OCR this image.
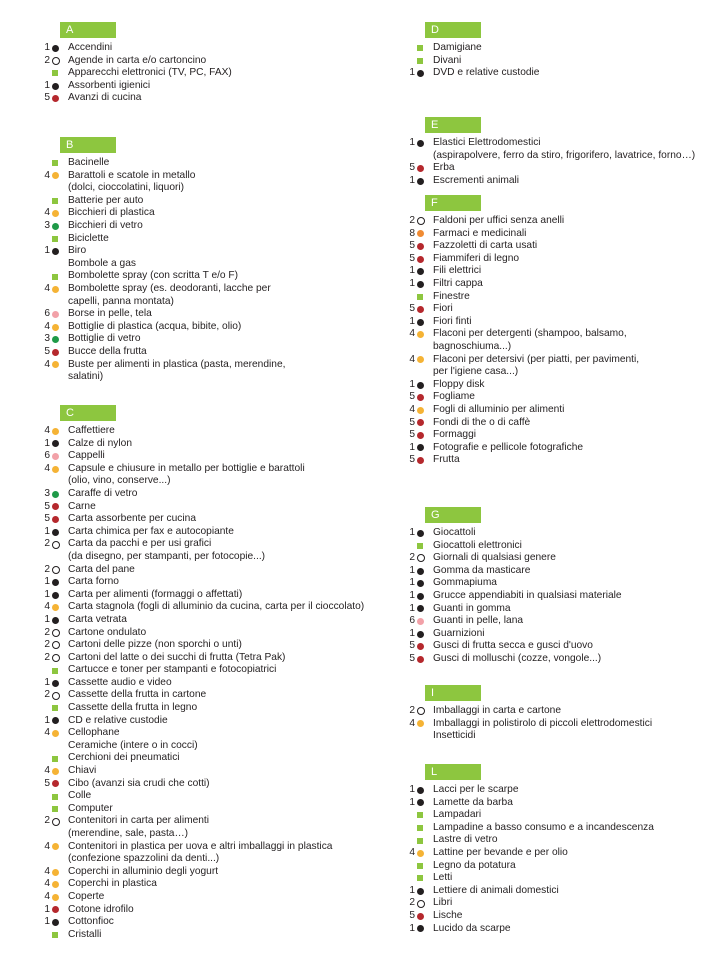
A
1	Accendini
2	Agende in carta e/o cartoncino
Apparecchi elettronici (TV, PC, FAX)
1	Assorbenti igienici
5	Avanzi di cucina
B
Bacinelle
4	Barattoli e scatole in metallo
(dolci, cioccolatini, liquori)
Batterie per auto
4	Bicchieri di plastica
3	Bicchieri di vetro
Biciclette
1	Biro
Bombole a gas
Bombolette spray (con scritta T e/o F)
4	Bombolette spray (es. deodoranti, lacche per
capelli, panna montata)
6	Borse in pelle, tela
4	Bottiglie di plastica (acqua, bibite, olio)
3	Bottiglie di vetro
5	Bucce della frutta
4	Buste per alimenti in plastica (pasta, merendine,
salatini)
C
4	Caffettiere
1	Calze di nylon
6	Cappelli
4	Capsule e chiusure in metallo per bottiglie e barattoli
(olio, vino, conserve...)
3	Caraffe di vetro
5	Carne
5	Carta assorbente per cucina
1	Carta chimica per fax e autocopiante
2	Carta da pacchi e per usi grafici
(da disegno, per stampanti, per fotocopie...)
2	Carta del pane
1	Carta forno
1	Carta per alimenti (formaggi o affettati)
4	Carta stagnola (fogli di alluminio da cucina, carta per il cioccolato)
1	Carta vetrata
2	Cartone ondulato
2	Cartoni delle pizze (non sporchi o unti)
2	Cartoni del latte o dei succhi di frutta (Tetra Pak)
Cartucce e toner per stampanti e fotocopiatrici
1	Cassette audio e video
2	Cassette della frutta in cartone
Cassette della frutta in legno
1	CD e relative custodie
4	Cellophane
Ceramiche (intere o in cocci)
Cerchioni dei pneumatici
4	Chiavi
5	Cibo (avanzi sia crudi che cotti)
Colle
Computer
2	Contenitori in carta per alimenti
(merendine, sale, pasta…)
4	Contenitori in plastica per uova e altri imballaggi in plastica
(confezione spazzolini da denti...)
4	Coperchi in alluminio degli yogurt
4	Coperchi in plastica
4	Coperte
1	Cotone idrofilo
1	Cottonfioc
Cristalli
D
Damigiane
Divani
1	DVD e relative custodie
E
1	Elastici Elettrodomestici
(aspirapolvere, ferro da stiro, frigorifero, lavatrice, forno…)
5	Erba
1	Escrementi animali
F
2	Faldoni per uffici senza anelli
8	Farmaci e medicinali
5	Fazzoletti di carta usati
5	Fiammiferi di legno
1	Fili elettrici
1	Filtri cappa
Finestre
5	Fiori
1	Fiori finti
4	Flaconi per detergenti (shampoo, balsamo,
bagnoschiuma...)
4	Flaconi per detersivi (per piatti, per pavimenti,
per l'igiene casa...)
1	Floppy disk
5	Fogliame
4	Fogli di alluminio per alimenti
5	Fondi di the o di caffè
5	Formaggi
1	Fotografie e pellicole fotografiche
5	Frutta
G
1	Giocattoli
Giocattoli elettronici
2	Giornali di qualsiasi genere
1	Gomma da masticare
1	Gommapiuma
1	Grucce appendiabiti in qualsiasi materiale
1	Guanti in gomma
6	Guanti in pelle, lana
1	Guarnizioni
5	Gusci di frutta secca e gusci d'uovo
5	Gusci di molluschi (cozze, vongole...)
I
2	Imballaggi in carta e cartone
4	Imballaggi in polistirolo di piccoli elettrodomestici
Insetticidi
L
1	Lacci per le scarpe
1	Lamette da barba
Lampadari
Lampadine a basso consumo e a incandescenza
Lastre di vetro
4	Lattine per bevande e per olio
Legno da potatura
Letti
1	Lettiere di animali domestici
2	Libri
5	Lische
1	Lucido da scarpe
